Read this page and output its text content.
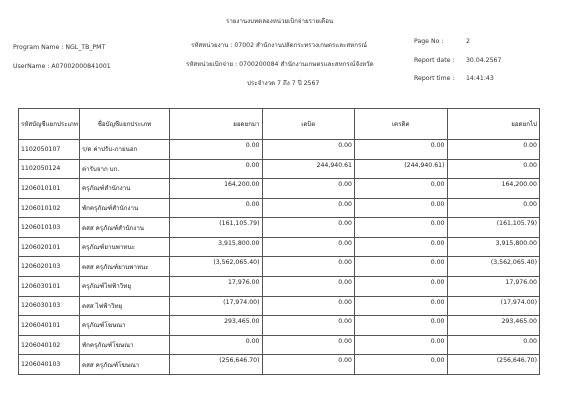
รายงานงบทดลองหน่วยเบิกจ่ายรายเดือน
Program Name : NGL_TB_PMT
UserName : A07002000841001
รหัสหน่วยงาน : 07002 สำนักงานปลัดกระทรวงเกษตรและสหกรณ์
รหัสหน่วยเบิกจ่าย : 0700200084 สำนักงานเกษตรและสหกรณ์จังหวัด
ประจำงวด 7 ถึง 7 ปี 2567
Page No :	2
Report date : 30.04.2567
Report time : 14:41:43
รหัสบัญชีแยกประเภท	ชื่อบัญชีแยกประเภท	ยอดยกมา	เดบิต	เครดิต	ยอดยกไป
1102050107	ร/ด ค่าปรับ-ภายนอก	0.00	0.00	0.00	0.00
1102050124	ค่ารับจาก บก.	0.00	244,940.61	(244,940.61)	0.00
1206010101	ครุภัณฑ์สำนักงาน	164,200.00	0.00	0.00	164,200.00
1206010102	พักครุภัณฑ์สำนักงาน	0.00	0.00	0.00	0.00
1206010103	คสส ครุภัณฑ์สำนักงาน	(161,105.79)	0.00	0.00	(161,105.79)
1206020101	ครุภัณฑ์ยานพาหนะ	3,915,800.00	0.00	0.00	3,915,800.00
1206020103	คสส ครุภัณฑ์ยานพาหนะ	(3,562,065.40)	0.00	0.00	(3,562,065.40)
1206030101	ครุภัณฑ์ไฟฟ้าวิทยุ	17,976.00	0.00	0.00	17,976.00
1206030103	คสส ไฟฟ้าวิทยุ	(17,974.00)	0.00	0.00	(17,974.00)
1206040101	ครุภัณฑ์โฆษณา	293,465.00	0.00	0.00	293,465.00
1206040102	พักครุภัณฑ์โฆษณา	0.00	0.00	0.00	0.00
1206040103	คสส ครุภัณฑ์โฆษณา	(256,646.70)	0.00	0.00	(256,646.70)
